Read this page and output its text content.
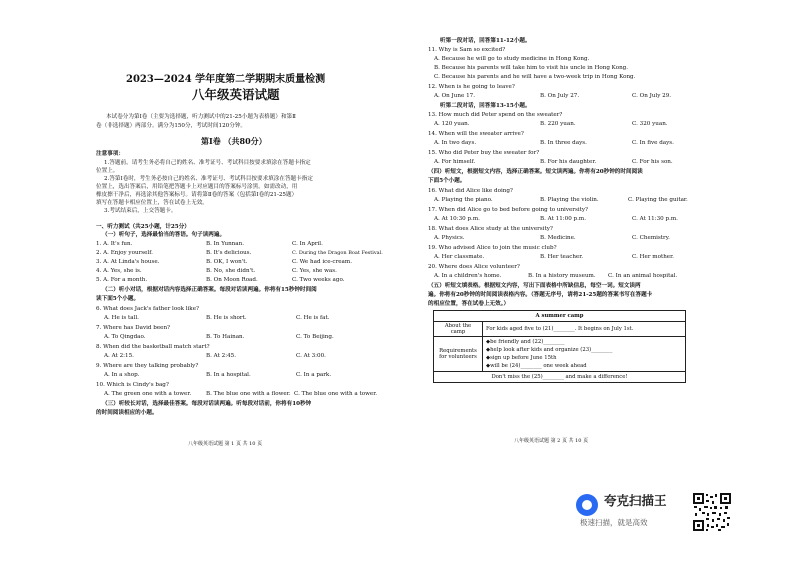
2023—2024 学年度第二学期期末质量检测
八年级英语试题
本试卷分为第Ⅰ卷（主要为选择题，听力测试中的21-25小题为表格题）和第Ⅱ
卷（非选择题）两部分。满分为150分，考试时间120分钟。
第Ⅰ卷 （共80分）
注意事项：
1.答题前，请考生务必将自己的姓名、准考证号、考试科目按要求填涂在答题卡指定
位置上。
2.答第Ⅰ卷时，考生务必按自己的姓名、准考证号、考试科目按要求填涂在答题卡指定
位置上，选出答案后，用铅笔把答题卡上对应题目的答案标号涂黑。如需改动，用
橡皮擦干净后，再选涂其他答案标号。请将第Ⅱ卷的答案（包括第Ⅰ卷的21-25题）
填写在答题卡相应位置上，答在试卷上无效。
3.考试结束后，上交答题卡。
一、听力测试（共25小题，计25分）
（一）听句子，选择最恰当的答语。句子读两遍。
1. A. It's fun.	B. In Yunnan.	C. In April.
2. A. Enjoy yourself.	B. It's delicious.	C. During the Dragon Boat Festival.
3. A. At Linda's house.	B. OK, I won't.	C. We had ice-cream.
4. A. Yes, she is.	B. No, she didn't.	C. Yes, she was.
5. A. For a month.	B. On Moon Road.	C. Two weeks ago.
（二）听小对话，根据对话内容选择正确答案。每段对话读两遍。你将有15秒钟时间阅
读下面5个小题。
6. What does Jack's father look like?
A. He is tall.	B. He is short.	C. He is fat.
7. Where has David been?
A. To Qingdao.	B. To Hainan.	C. To Beijing.
8. When did the basketball match start?
A. At 2:15.	B. At 2:45.	C. At 3:00.
9. Where are they talking probably?
A. In a shop.	B. In a hospital.	C. In a park.
10. Which is Cindy's bag?
A. The green one with a tower.	B. The blue one with a flower. C. The blue one with a tower.
（三）听较长对话，选择最佳答案。每段对话读两遍。听每段对话前，你将有10秒钟
的时间阅读相应的小题。
八年级英语试题 第 1 页 共 10 页
听第一段对话，回答第11-12小题。
11. Why is Sam so excited?
A. Because he will go to study medicine in Hong Kong.
B. Because his parents will take him to visit his uncle in Hong Kong.
C. Because his parents and he will have a two-week trip in Hong Kong.
12. When is he going to leave?
A. On June 17.	B. On July 27.	C. On July 29.
听第二段对话，回答第13-15小题。
13. How much did Peter spend on the sweater?
A. 120 yuan.	B. 220 yuan.	C. 320 yuan.
14. When will the sweater arrive?
A. In two days.	B. In three days.	C. In five days.
15. Who did Peter buy the sweater for?
A. For himself.	B. For his daughter.	C. For his son.
（四）听短文，根据短文内容，选择正确答案。短文读两遍。你将有20秒钟的时间阅读
下面5个小题。
16. What did Alice like doing?
A. Playing the piano.	B. Playing the violin.	C. Playing the guitar.
17. When did Alice go to bed before going to university?
A. At 10:30 p.m.	B. At 11:00 p.m.	C. At 11:30 p.m.
18. What does Alice study at the university?
A. Physics.	B. Medicine.	C. Chemistry.
19. Who advised Alice to join the music club?
A. Her classmate.	B. Her teacher.	C. Her mother.
20. Where does Alice volunteer?
A. In a children's home.	B. In a history museum. C. In an animal hospital.
（五）听短文填表格。根据短文内容，写出下面表格中所缺信息，每空一词。短文读两
遍。你将有20秒钟的时间阅读表格内容。（答题无序号，请将21-25题的答案书写在答题卡
的相应位置，答在试卷上无效。）
A summer camp	
About the camp	For kids aged five to (21)________. It begins on July 1st.
Requirements for volunteers	◆be friendly and (22)________
◆help look after kids and organize (23)________
◆sign up before June 15th
◆will be (24)________ one week ahead

Don't miss the (25)________ and make a difference!	
八年级英语试题 第 2 页 共 10 页
夸克扫描王
极速扫描，就是高效
